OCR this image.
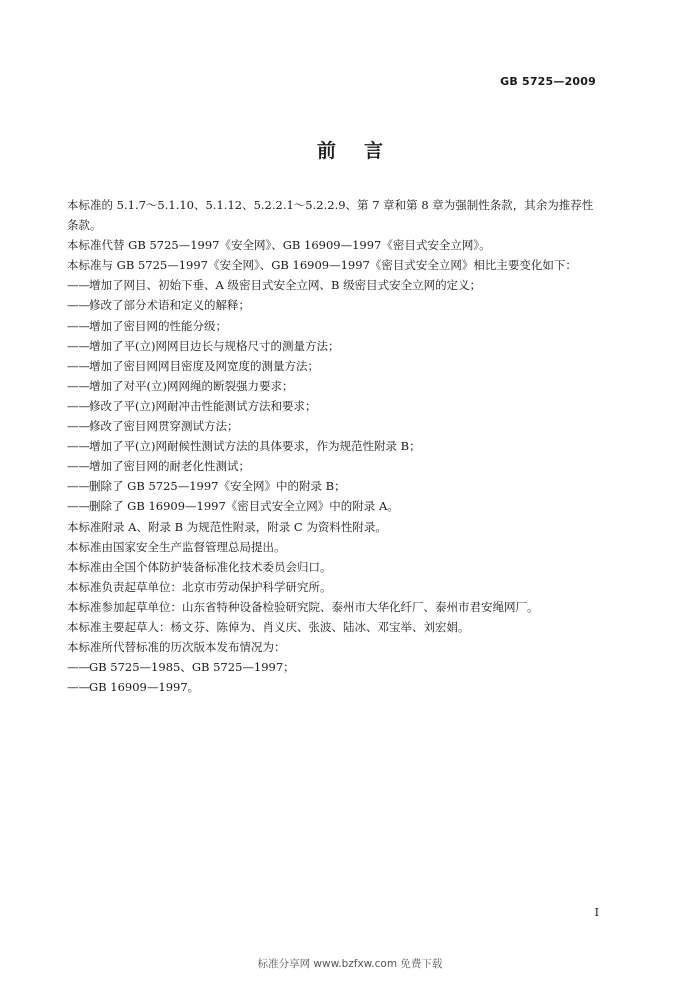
GB 5725—2009
前言

本标准的 5.1.7～5.1.10、5.1.12、5.2.2.1～5.2.2.9、第 7 章和第 8 章为强制性条款，其余为推荐性条款。

本标准代替 GB 5725—1997《安全网》、GB 16909—1997《密目式安全立网》。

本标准与 GB 5725—1997《安全网》、GB 16909—1997《密目式安全立网》相比主要变化如下：

——增加了网目、初始下垂、A 级密目式安全立网、B 级密目式安全立网的定义；
——修改了部分术语和定义的解释；
——增加了密目网的性能分级；
——增加了平(立)网网目边长与规格尺寸的测量方法；
——增加了密目网网目密度及网宽度的测量方法；
——增加了对平(立)网网绳的断裂强力要求；
——修改了平(立)网耐冲击性能测试方法和要求；
——修改了密目网贯穿测试方法；
——增加了平(立)网耐候性测试方法的具体要求，作为规范性附录 B；
——增加了密目网的耐老化性测试；
——删除了 GB 5725—1997《安全网》中的附录 B；
——删除了 GB 16909—1997《密目式安全立网》中的附录 A。

本标准附录 A、附录 B 为规范性附录，附录 C 为资料性附录。

本标准由国家安全生产监督管理总局提出。

本标准由全国个体防护装备标准化技术委员会归口。

本标准负责起草单位：北京市劳动保护科学研究所。

本标准参加起草单位：山东省特种设备检验研究院、泰州市大华化纤厂、泰州市君安绳网厂。

本标准主要起草人：杨文芬、陈倬为、肖义庆、张波、陆冰、邓宝举、刘宏娟。

本标准所代替标准的历次版本发布情况为：

——GB 5725—1985、GB 5725—1997；
——GB 16909—1997。
I
标准分享网 www.bzfxw.com 免费下载
